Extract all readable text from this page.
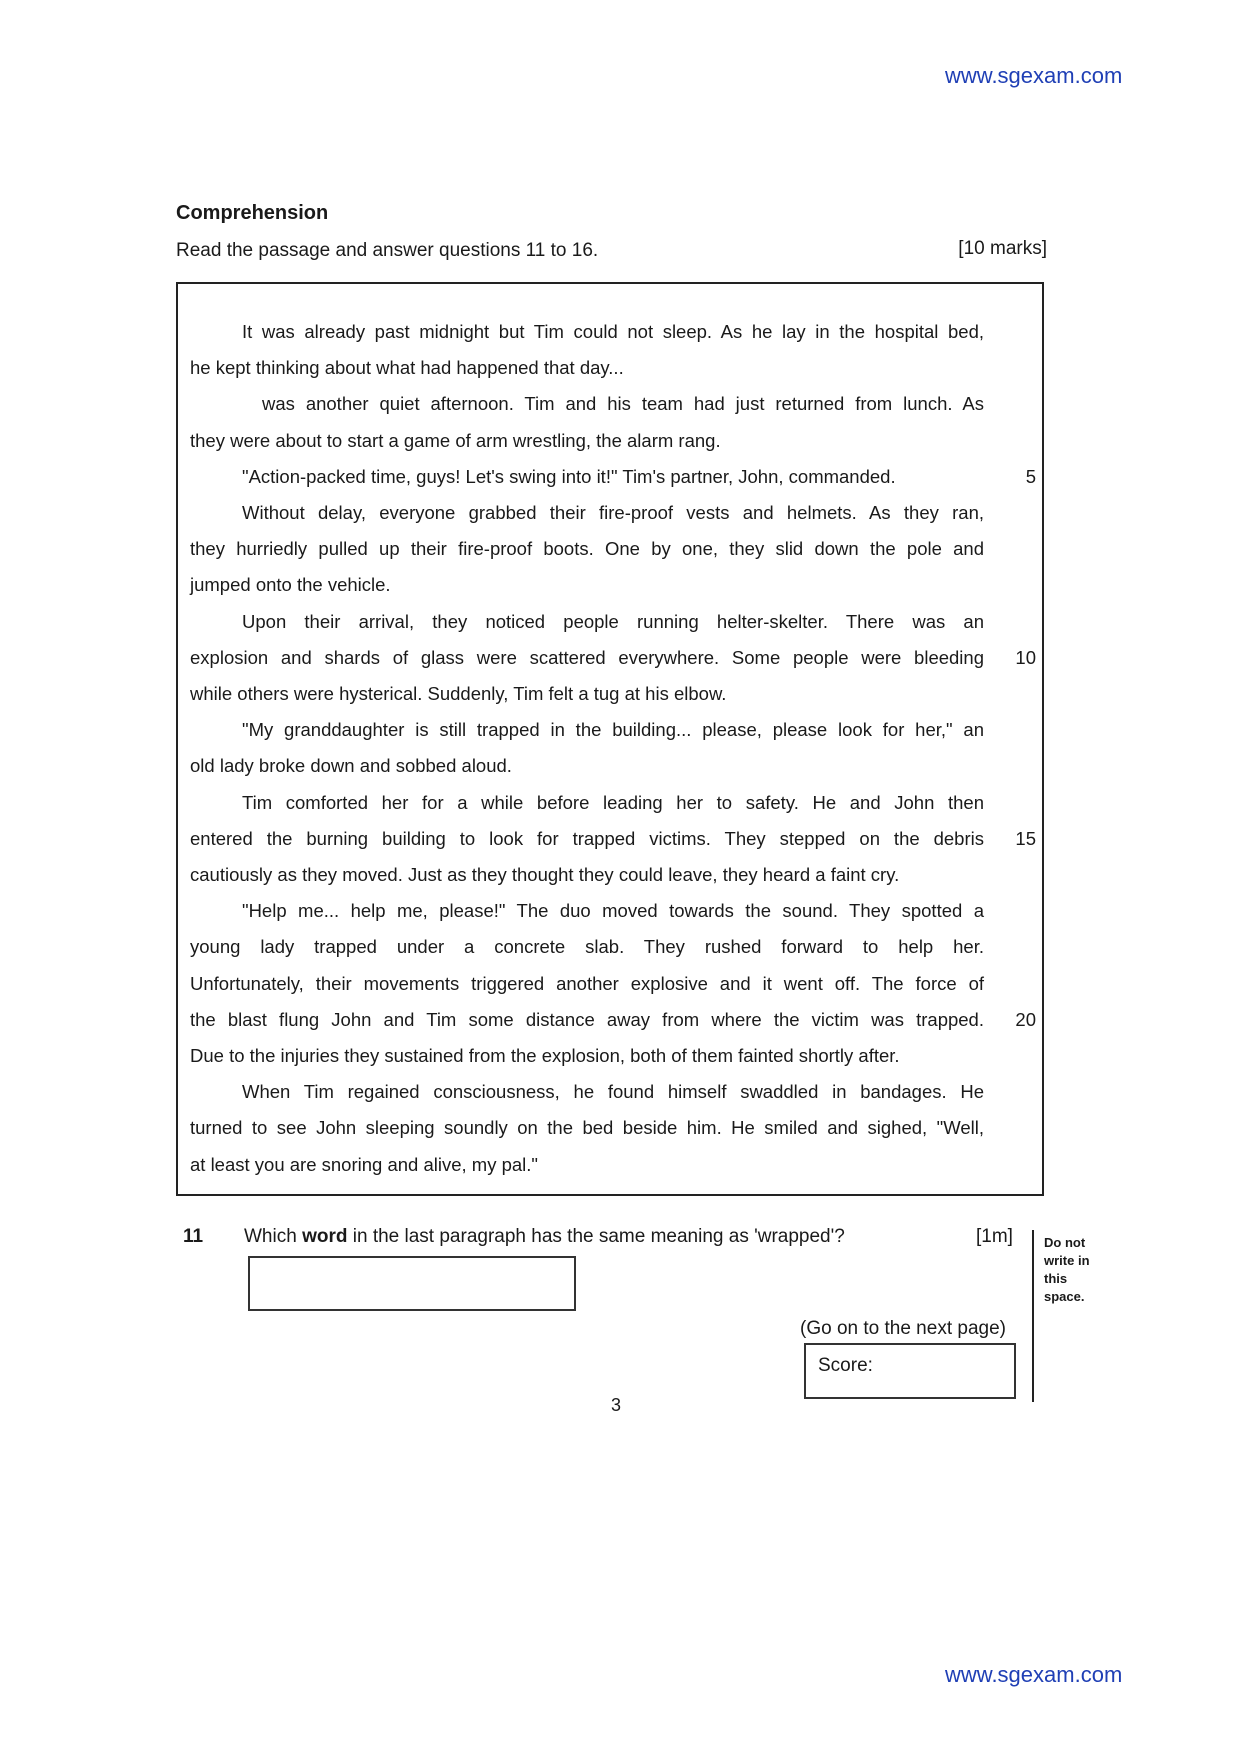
www.sgexam.com
www.sgexam.com
Comprehension
Read the passage and answer questions 11 to 16.	[10 marks]
It was already past midnight but Tim could not sleep. As he lay in the hospital bed,
he kept thinking about what had happened that day...
was another quiet afternoon. Tim and his team had just returned from lunch. As
they were about to start a game of arm wrestling, the alarm rang.
"Action-packed time, guys! Let's swing into it!" Tim's partner, John, commanded.
Without delay, everyone grabbed their fire-proof vests and helmets. As they ran,
they hurriedly pulled up their fire-proof boots. One by one, they slid down the pole and
jumped onto the vehicle.
Upon their arrival, they noticed people running helter-skelter. There was an
explosion and shards of glass were scattered everywhere. Some people were bleeding
while others were hysterical. Suddenly, Tim felt a tug at his elbow.
"My granddaughter is still trapped in the building... please, please look for her," an
old lady broke down and sobbed aloud.
Tim comforted her for a while before leading her to safety. He and John then
entered the burning building to look for trapped victims. They stepped on the debris
cautiously as they moved. Just as they thought they could leave, they heard a faint cry.
"Help me... help me, please!" The duo moved towards the sound. They spotted a
young lady trapped under a concrete slab. They rushed forward to help her.
Unfortunately, their movements triggered another explosive and it went off. The force of
the blast flung John and Tim some distance away from where the victim was trapped.
Due to the injuries they sustained from the explosion, both of them fainted shortly after.
When Tim regained consciousness, he found himself swaddled in bandages. He
turned to see John sleeping soundly on the bed beside him. He smiled and sighed, "Well,
at least you are snoring and alive, my pal."
5
10
15
20
11 Which word in the last paragraph has the same meaning as 'wrapped'?	[1m] Do not
write in
this
space.
(Go on to the next page)
Score:
3
